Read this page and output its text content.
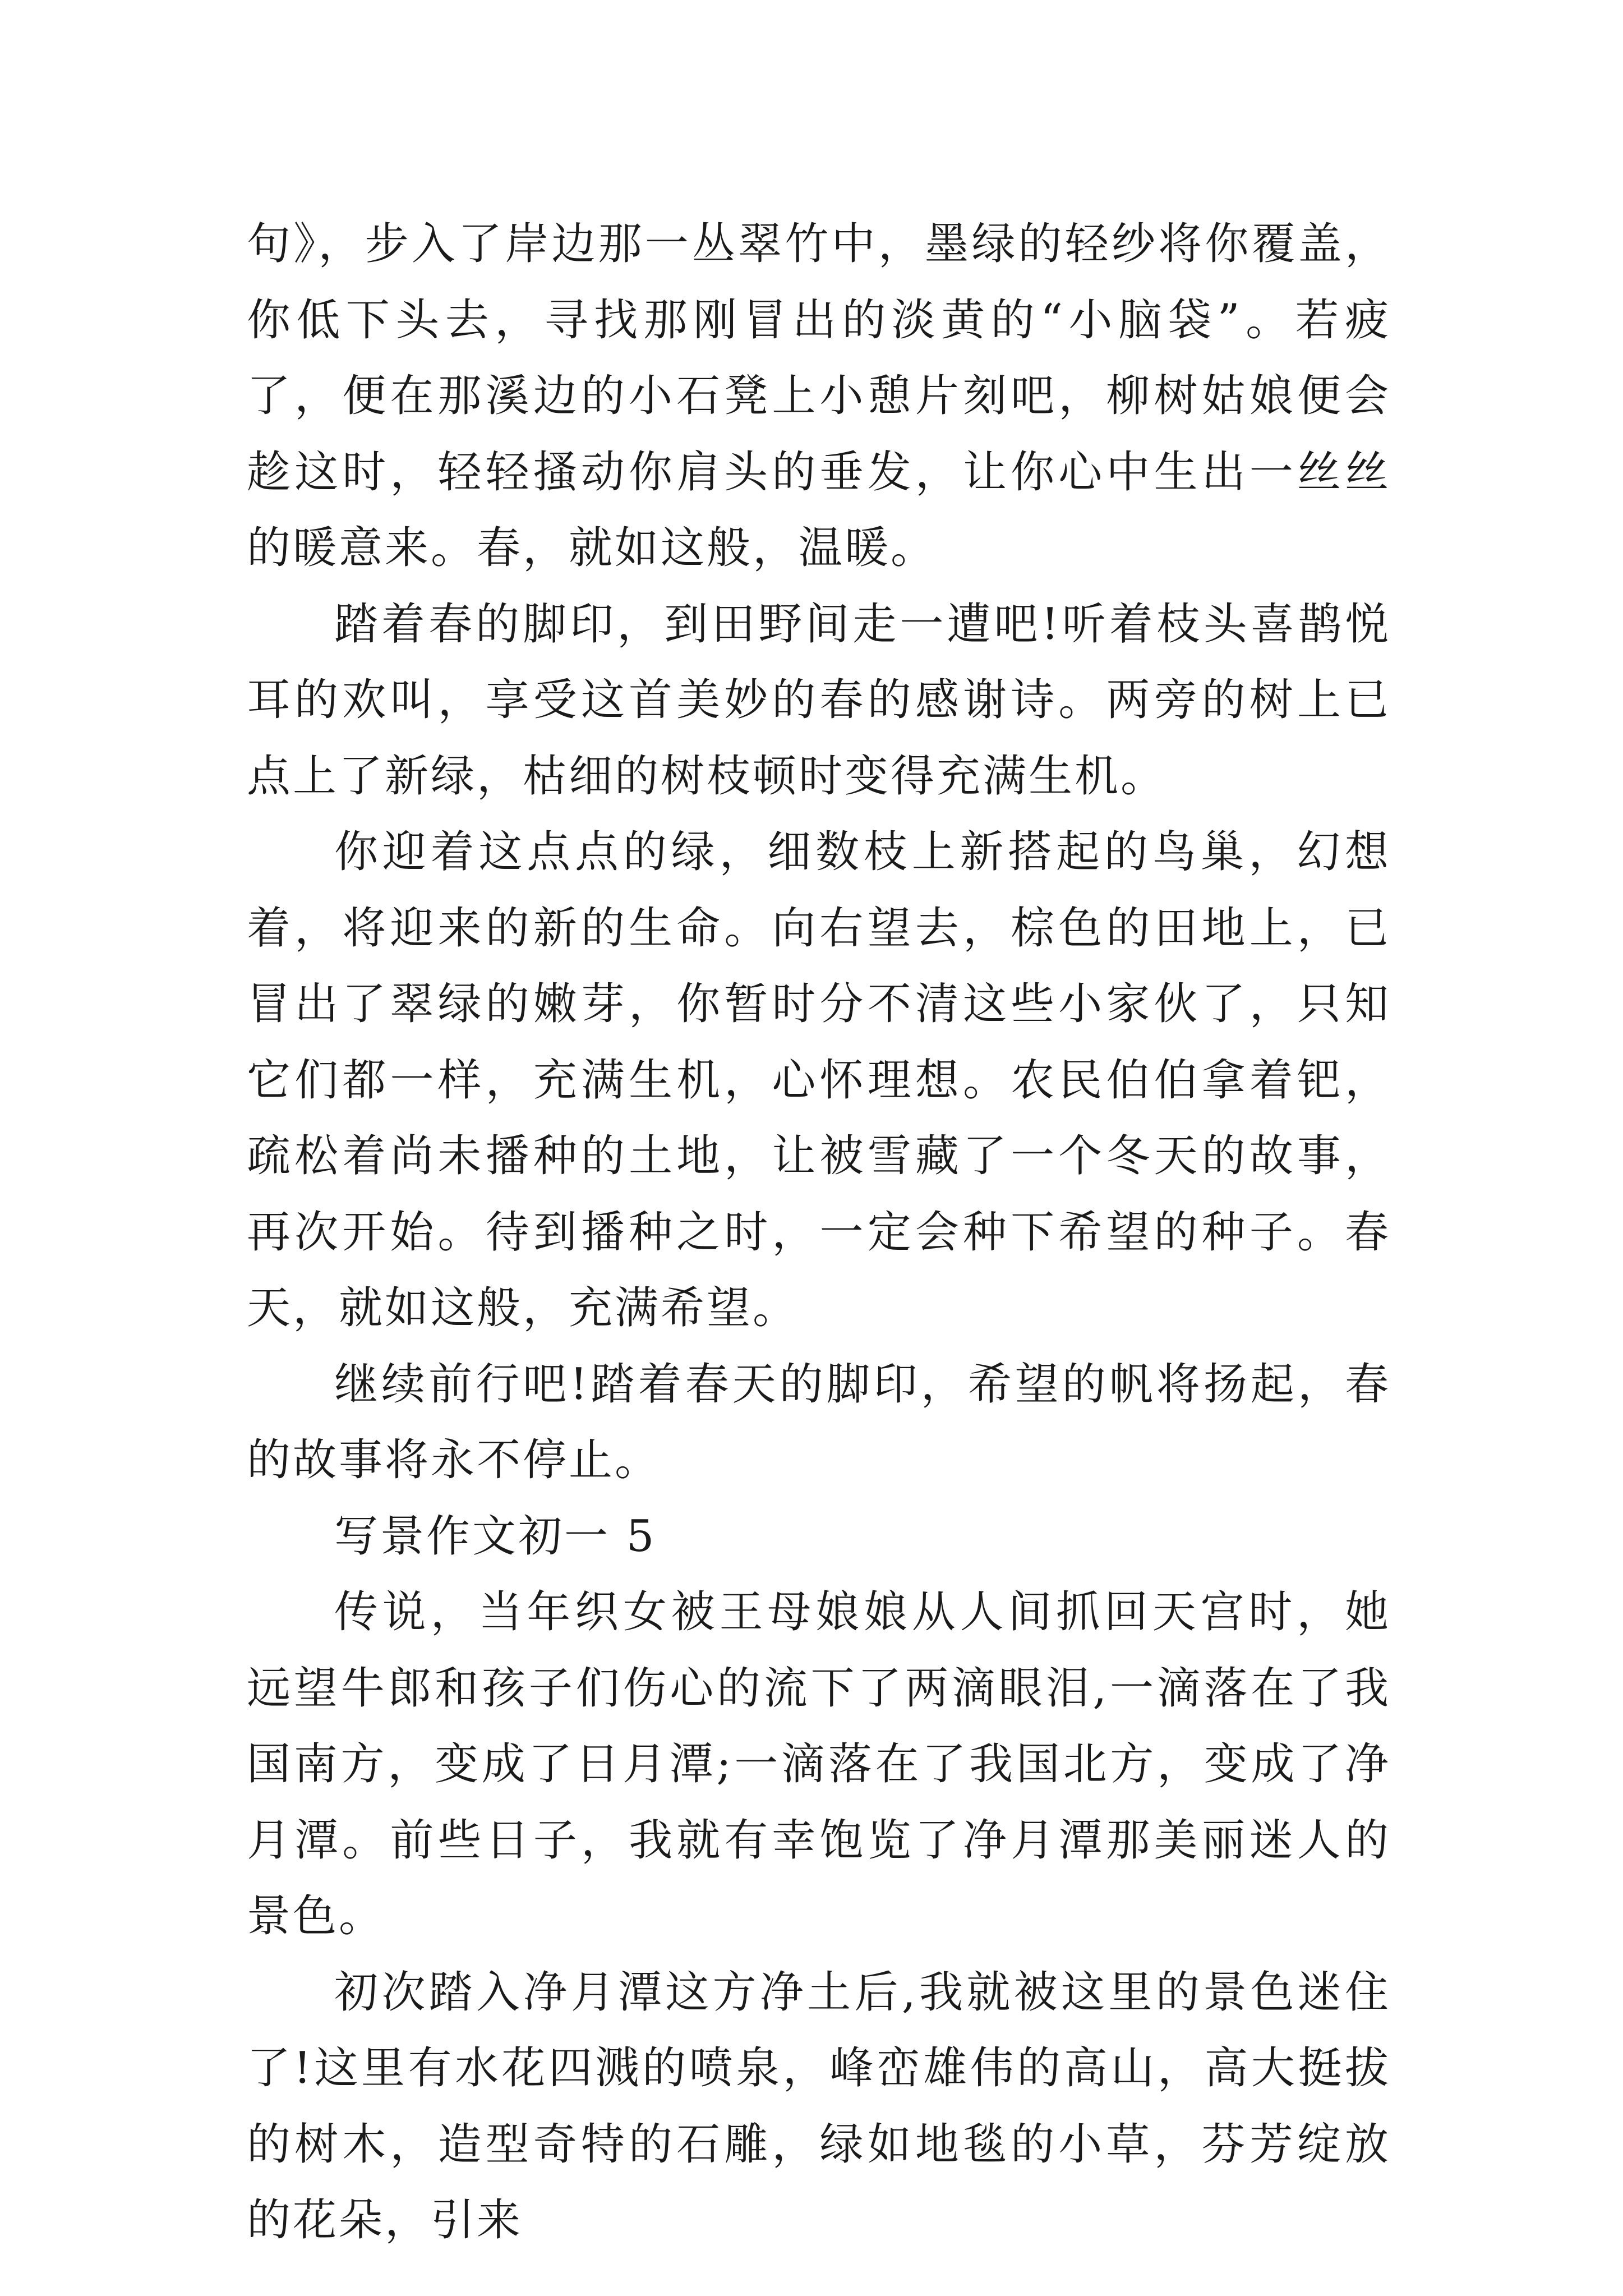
句》，步入了岸边那一丛翠竹中，墨绿的轻纱将你覆盖，你低下头去，寻找那刚冒出的淡黄的“小脑袋”。若疲了，便在那溪边的小石凳上小憩片刻吧，柳树姑娘便会趁这时，轻轻搔动你肩头的垂发，让你心中生出一丝丝的暖意来。春，就如这般，温暖。

踏着春的脚印，到田野间走一遭吧!听着枝头喜鹊悦耳的欢叫，享受这首美妙的春的感谢诗。两旁的树上已点上了新绿，枯细的树枝顿时变得充满生机。

你迎着这点点的绿，细数枝上新搭起的鸟巢，幻想着，将迎来的新的生命。向右望去，棕色的田地上，已冒出了翠绿的嫩芽，你暂时分不清这些小家伙了，只知它们都一样，充满生机，心怀理想。农民伯伯拿着钯，疏松着尚未播种的土地，让被雪藏了一个冬天的故事，再次开始。待到播种之时，一定会种下希望的种子。春天，就如这般，充满希望。

继续前行吧!踏着春天的脚印，希望的帆将扬起，春的故事将永不停止。

写景作文初一 5

传说，当年织女被王母娘娘从人间抓回天宫时，她远望牛郎和孩子们伤心的流下了两滴眼泪,一滴落在了我国南方，变成了日月潭;一滴落在了我国北方，变成了净月潭。前些日子，我就有幸饱览了净月潭那美丽迷人的景色。

初次踏入净月潭这方净土后,我就被这里的景色迷住了!这里有水花四溅的喷泉，峰峦雄伟的高山，高大挺拔的树木，造型奇特的石雕，绿如地毯的小草，芬芳绽放的花朵，引来
